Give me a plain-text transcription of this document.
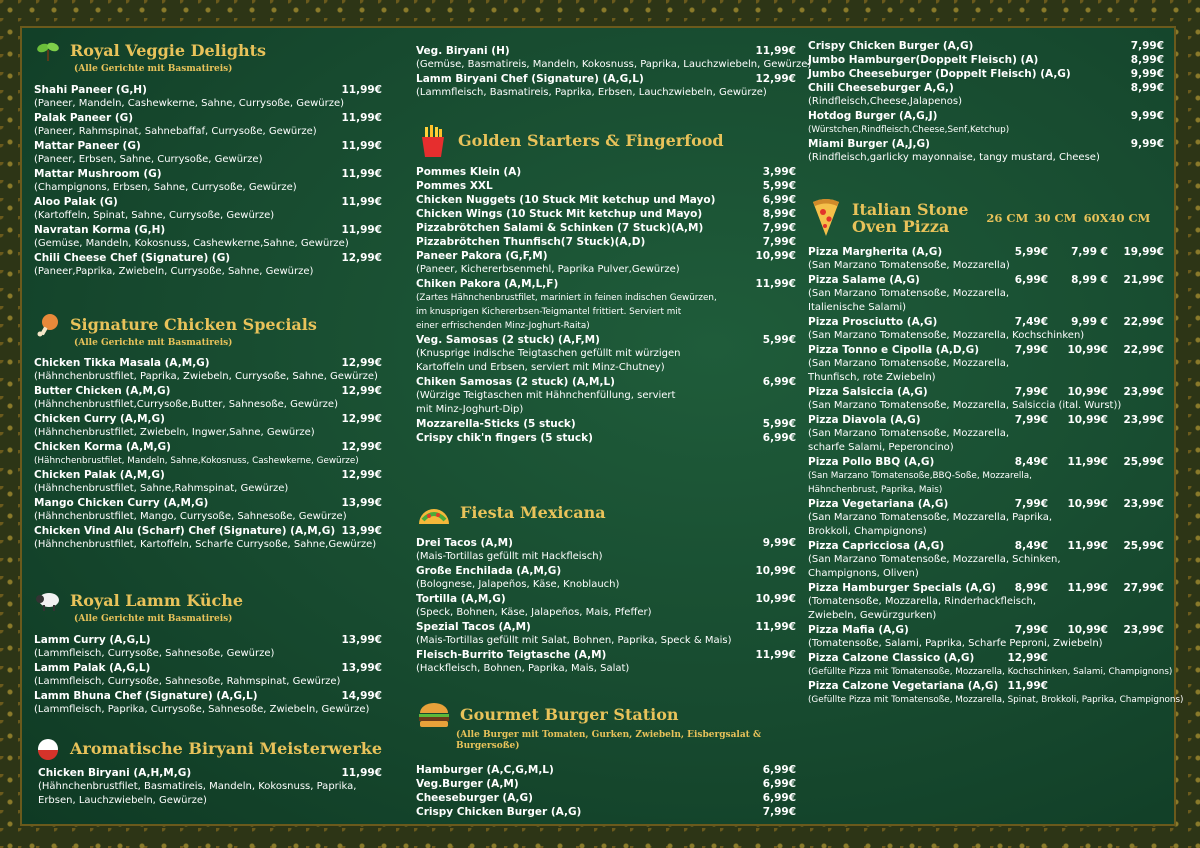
Royal Veggie Delights
(Alle Gerichte mit Basmatireis)
Shahi Paneer (G,H)	11,99€
(Paneer, Mandeln, Cashewkerne, Sahne, Currysoße, Gewürze)
Palak Paneer (G)	11,99€
(Paneer, Rahmspinat, Sahnebaffaf, Currysoße, Gewürze)
Mattar Paneer (G)	11,99€
(Paneer, Erbsen, Sahne, Currysoße, Gewürze)
Mattar Mushroom (G)	11,99€
(Champignons, Erbsen, Sahne, Currysoße, Gewürze)
Aloo Palak (G)	11,99€
(Kartoffeln, Spinat, Sahne, Currysoße, Gewürze)
Navratan Korma (G,H)	11,99€
(Gemüse, Mandeln, Kokosnuss, Cashewkerne,Sahne, Gewürze)
Chili Cheese Chef (Signature) (G)	12,99€
(Paneer,Paprika, Zwiebeln, Currysoße, Sahne, Gewürze)
Signature Chicken Specials
(Alle Gerichte mit Basmatireis)
Chicken Tikka Masala (A,M,G)	12,99€
(Hähnchenbrustfilet, Paprika, Zwiebeln, Currysoße, Sahne, Gewürze)
Butter Chicken (A,M,G)	12,99€
(Hähnchenbrustfilet,Currysoße,Butter, Sahnesoße, Gewürze)
Chicken Curry (A,M,G)	12,99€
(Hähnchenbrustfilet, Zwiebeln, Ingwer,Sahne, Gewürze)
Chicken Korma (A,M,G)	12,99€
(Hähnchenbrustfilet, Mandeln, Sahne,Kokosnuss, Cashewkerne, Gewürze)
Chicken Palak (A,M,G)	12,99€
(Hähnchenbrustfilet, Sahne,Rahmspinat, Gewürze)
Mango Chicken Curry (A,M,G)	13,99€
(Hähnchenbrustfilet, Mango, Currysoße, Sahnesoße, Gewürze)
Chicken Vind Alu (Scharf) Chef (Signature) (A,M,G) 13,99€
(Hähnchenbrustfilet, Kartoffeln, Scharfe Currysoße, Sahne,Gewürze)
Royal Lamm Küche
(Alle Gerichte mit Basmatireis)
Lamm Curry (A,G,L)	13,99€
(Lammfleisch, Currysoße, Sahnesoße, Gewürze)
Lamm Palak (A,G,L)	13,99€
(Lammfleisch, Currysoße, Sahnesoße, Rahmspinat, Gewürze)
Lamm Bhuna Chef (Signature) (A,G,L)	14,99€
(Lammfleisch, Paprika, Currysoße, Sahnesoße, Zwiebeln, Gewürze)
Aromatische Biryani Meisterwerke
Chicken Biryani (A,H,M,G)	11,99€
(Hähnchenbrustfilet, Basmatireis, Mandeln, Kokosnuss, Paprika,
Erbsen, Lauchzwiebeln, Gewürze)
Veg. Biryani (H)	11,99€
(Gemüse, Basmatireis, Mandeln, Kokosnuss, Paprika, Lauchzwiebeln, Gewürze)
Lamm Biryani Chef (Signature) (A,G,L)	12,99€
(Lammfleisch, Basmatireis, Paprika, Erbsen, Lauchzwiebeln, Gewürze)
Golden Starters & Fingerfood
Pommes Klein (A)	3,99€
Pommes XXL	5,99€
Chicken Nuggets (10 Stuck Mit ketchup und Mayo)	6,99€
Chicken Wings (10 Stuck Mit ketchup und Mayo)	8,99€
Pizzabrötchen Salami & Schinken (7 Stuck)(A,M)	7,99€
Pizzabrötchen Thunfisch(7 Stuck)(A,D)	7,99€
Paneer Pakora (G,F,M)	10,99€
(Paneer, Kichererbsenmehl, Paprika Pulver,Gewürze)
Chiken Pakora (A,M,L,F)	11,99€
(Zartes Hähnchenbrustfilet, mariniert in feinen indischen Gewürzen,
im knusprigen Kichererbsen-Teigmantel frittiert. Serviert mit
einer erfrischenden Minz-Joghurt-Raita)
Veg. Samosas (2 stuck) (A,F,M)	5,99€
(Knusprige indische Teigtaschen gefüllt mit würzigen
Kartoffeln und Erbsen, serviert mit Minz-Chutney)
Chiken Samosas (2 stuck) (A,M,L)	6,99€
(Würzige Teigtaschen mit Hähnchenfüllung, serviert
mit Minz-Joghurt-Dip)
Mozzarella-Sticks (5 stuck)	5,99€
Crispy chik'n fingers (5 stuck)	6,99€
Fiesta Mexicana
Drei Tacos (A,M)	9,99€
(Mais-Tortillas gefüllt mit Hackfleisch)
Große Enchilada (A,M,G)	10,99€
(Bolognese, Jalapeños, Käse, Knoblauch)
Tortilla (A,M,G)	10,99€
(Speck, Bohnen, Käse, Jalapeños, Mais, Pfeffer)
Spezial Tacos (A,M)	11,99€
(Mais-Tortillas gefüllt mit Salat, Bohnen, Paprika, Speck & Mais)
Fleisch-Burrito Teigtasche (A,M)	11,99€
(Hackfleisch, Bohnen, Paprika, Mais, Salat)
Gourmet Burger Station
(Alle Burger mit Tomaten, Gurken, Zwiebeln, Eisbergsalat & Burgersoße)
Hamburger (A,C,G,M,L)	6,99€
Veg.Burger (A,M)	6,99€
Cheeseburger (A,G)	6,99€
Crispy Chicken Burger (A,G)	7,99€
Crispy Chicken Burger (A,G)	7,99€
Jumbo Hamburger(Doppelt Fleisch) (A)	8,99€
Jumbo Cheeseburger (Doppelt Fleisch) (A,G)	9,99€
Chili Cheeseburger A,G,)	8,99€
(Rindfleisch,Cheese,Jalapenos)
Hotdog Burger (A,G,J)	9,99€
(Würstchen,Rindfleisch,Cheese,Senf,Ketchup)
Miami Burger (A,J,G)	9,99€
(Rindfleisch,garlicky mayonnaise, tangy mustard, Cheese)
Italian Stone
Oven Pizza	26 CM 30 CM 60X40 CM
Pizza Margherita (A,G)	5,99€	7,99 €	19,99€
(San Marzano Tomatensoße, Mozzarella)
Pizza Salame (A,G)	6,99€	8,99 €	21,99€
(San Marzano Tomatensoße, Mozzarella,
Italienische Salami)
Pizza Prosciutto (A,G)	7,49€	9,99 €	22,99€
(San Marzano Tomatensoße, Mozzarella, Kochschinken)
Pizza Tonno e Cipolla (A,D,G)	7,99€	10,99€	22,99€
(San Marzano Tomatensoße, Mozzarella,
Thunfisch, rote Zwiebeln)
Pizza Salsiccia (A,G)	7,99€	10,99€	23,99€
(San Marzano Tomatensoße, Mozzarella, Salsiccia (ital. Wurst))
Pizza Diavola (A,G)	7,99€	10,99€	23,99€
(San Marzano Tomatensoße, Mozzarella,
scharfe Salami, Peperoncino)
Pizza Pollo BBQ (A,G)	8,49€	11,99€	25,99€
(San Marzano Tomatensoße,BBQ-Soße, Mozzarella,
Hähnchenbrust, Paprika, Mais)
Pizza Vegetariana (A,G)	7,99€	10,99€	23,99€
(San Marzano Tomatensoße, Mozzarella, Paprika,
Brokkoli, Champignons)
Pizza Capricciosa (A,G)	8,49€	11,99€	25,99€
(San Marzano Tomatensoße, Mozzarella, Schinken,
Champignons, Oliven)
Pizza Hamburger Specials (A,G)	8,99€	11,99€	27,99€
(Tomatensoße, Mozzarella, Rinderhackfleisch,
Zwiebeln, Gewürzgurken)
Pizza Mafia (A,G)	7,99€	10,99€	23,99€
(Tomatensoße, Salami, Paprika, Scharfe Peproni, Zwiebeln)
Pizza Calzone Classico (A,G)	12,99€
(Gefüllte Pizza mit Tomatensoße, Mozzarella, Kochschinken, Salami, Champignons)
Pizza Calzone Vegetariana (A,G) 11,99€
(Gefüllte Pizza mit Tomatensoße, Mozzarella, Spinat, Brokkoli, Paprika, Champignons)
